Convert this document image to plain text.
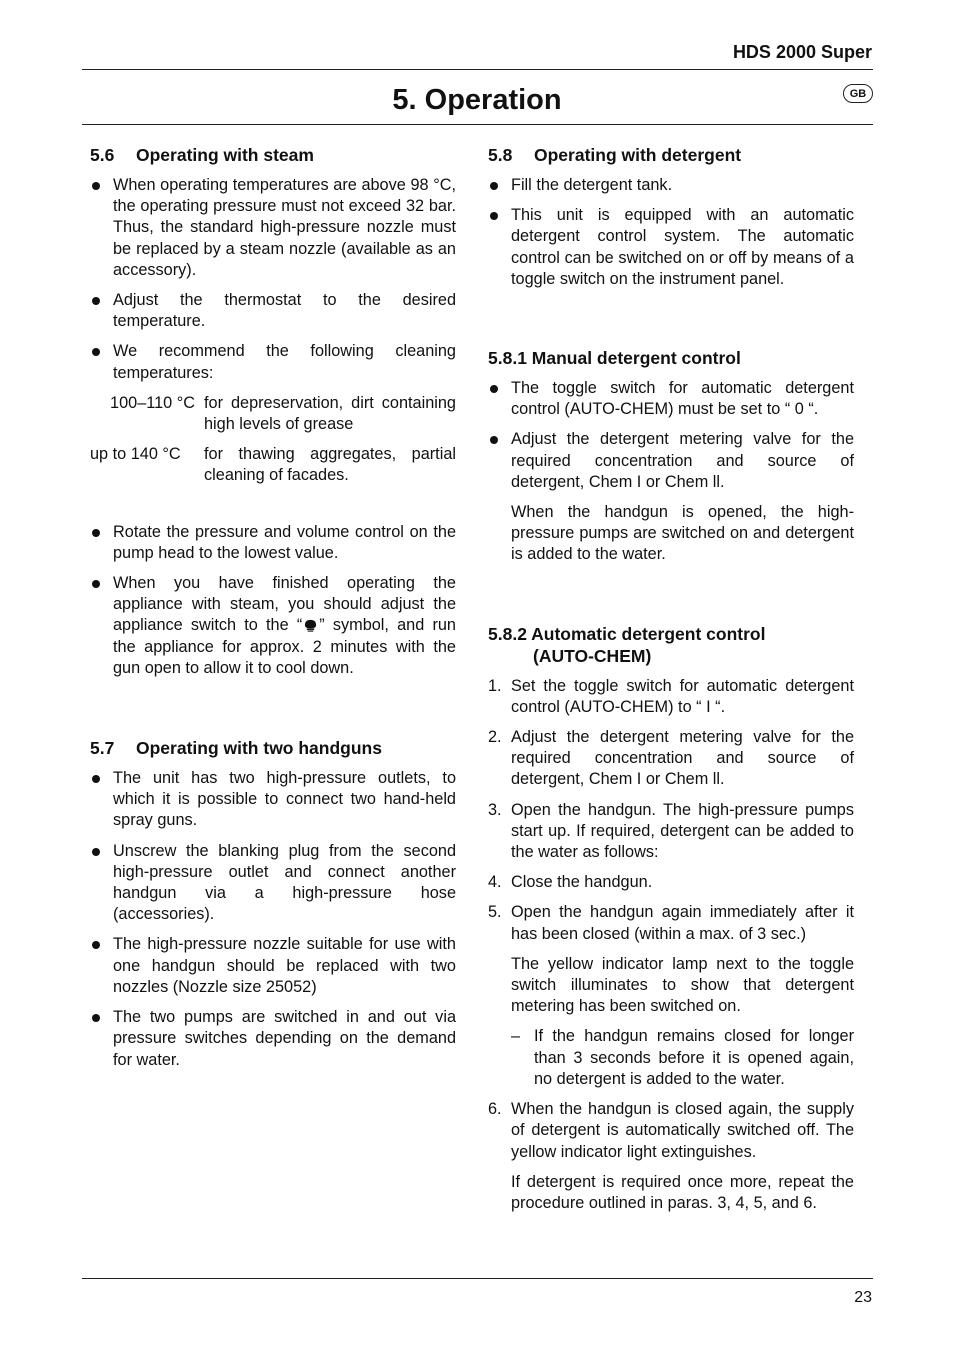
HDS 2000 Super
5. Operation	GB
5.6 Operating with steam

When operating temperatures are above 98 °C, the operating pressure must not exceed 32 bar. Thus, the standard high-pressure nozzle must be replaced by a steam nozzle (available as an accessory).

Adjust the thermostat to the desired temperature.

We recommend the following cleaning temperatures:

100–110 °C for depreservation, dirt containing high levels of grease
up to 140 °C	for thawing aggregates, partial cleaning of facades.

Rotate the pressure and volume control on the pump head to the lowest value.

When you have finished operating the appliance with steam, you should adjust the appliance switch to the “ ” symbol, and run the appliance for approx. 2 minutes with the gun open to allow it to cool down.

5.7 Operating with two handguns

The unit has two high-pressure outlets, to which it is possible to connect two hand-held spray guns.

Unscrew the blanking plug from the second high-pressure outlet and connect another handgun via a high-pressure hose (accessories).

The high-pressure nozzle suitable for use with one handgun should be replaced with two nozzles (Nozzle size 25052)

The two pumps are switched in and out via pressure switches depending on the demand for water.

5.8 Operating with detergent

Fill the detergent tank.

This unit is equipped with an automatic detergent control system. The automatic control can be switched on or off by means of a toggle switch on the instrument panel.

5.8.1 Manual detergent control

The toggle switch for automatic detergent control (AUTO-CHEM) must be set to “ 0 “.

Adjust the detergent metering valve for the required concentration and source of detergent, Chem I or Chem ll.

When the handgun is opened, the high-pressure pumps are switched on and detergent is added to the water.

5.8.2 Automatic detergent control
(AUTO-CHEM)

1. Set the toggle switch for automatic detergent control (AUTO-CHEM) to “ I “.

2. Adjust the detergent metering valve for the required concentration and source of detergent, Chem I or Chem ll.

3. Open the handgun. The high-pressure pumps start up. If required, detergent can be added to the water as follows:

4. Close the handgun.

5. Open the handgun again immediately after it has been closed (within a max. of 3 sec.)

The yellow indicator lamp next to the toggle switch illuminates to show that detergent metering has been switched on.

– If the handgun remains closed for longer than 3 seconds before it is opened again, no detergent is added to the water.

6. When the handgun is closed again, the supply of detergent is automatically switched off. The yellow indicator light extinguishes.

If detergent is required once more, repeat the procedure outlined in paras. 3, 4, 5, and 6.

23
